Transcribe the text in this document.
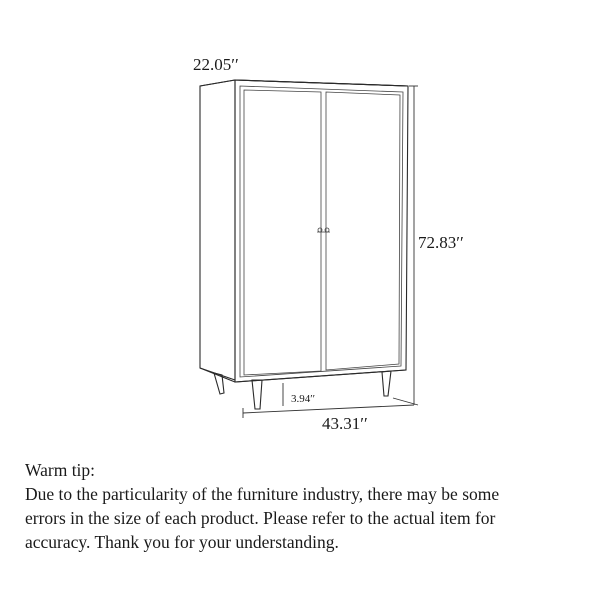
22.05′′
72.83′′
43.31′′
3.94′′
Warm tip:
Due to the particularity of the furniture industry, there may be some
errors in the size of each product. Please refer to the actual item for
accuracy. Thank you for your understanding.
